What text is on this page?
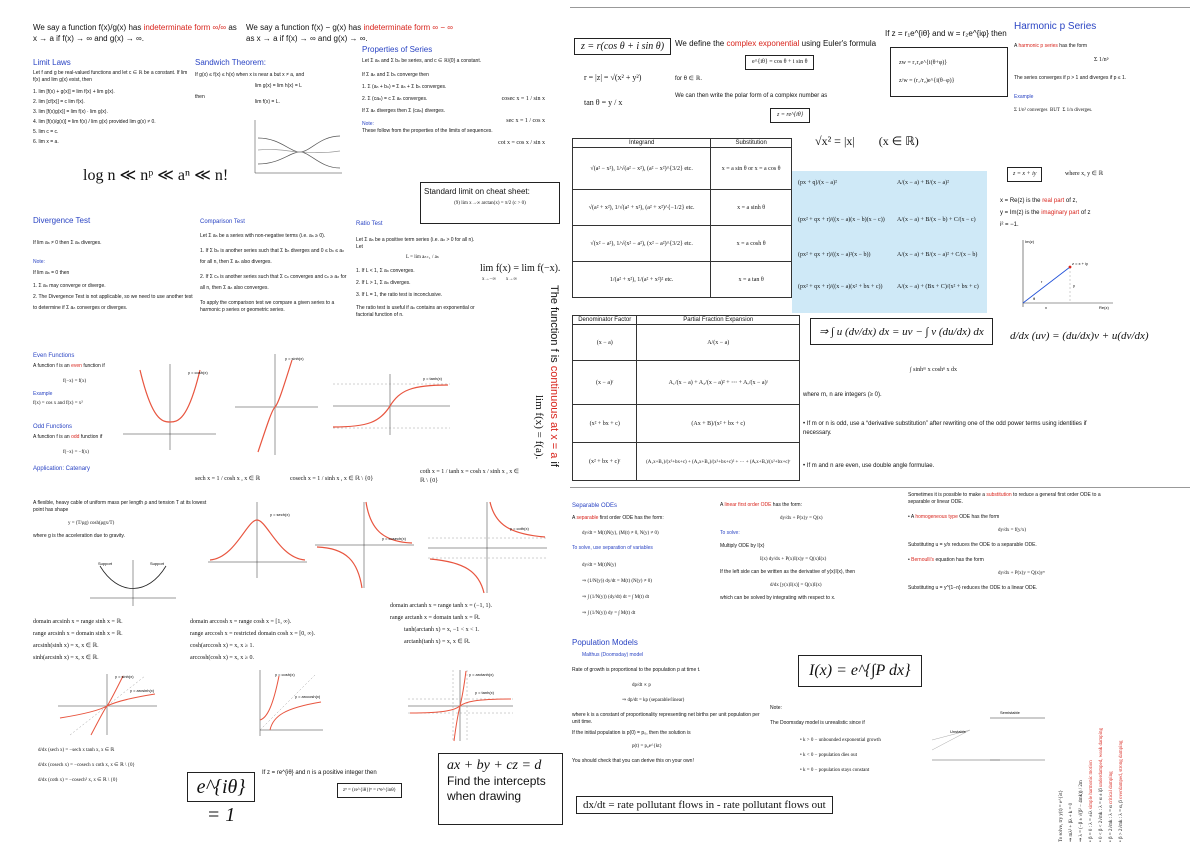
We say a function f(x)/g(x) has indeterminate form ∞/∞ as x → a if f(x) → ∞ and g(x) → ∞.
We say a function f(x) − g(x) has indeterminate form ∞ − ∞ as x → a if f(x) → ∞ and g(x) → ∞.
Limit Laws
Let f and g be real-valued functions and let c ∈ ℝ be a constant. If lim f(x) and lim g(x) exist, then
1. lim [f(x) + g(x)] = lim f(x) + lim g(x).
2. lim [cf(x)] = c lim f(x).
3. lim [f(x)g(x)] = lim f(x) · lim g(x).
4. lim [f(x)/g(x)] = lim f(x) / lim g(x) provided lim g(x) ≠ 0.
5. lim c = c.
6. lim x = a.
log n ≪ nᵖ ≪ aⁿ ≪ n!
Sandwich Theorem:
If g(x) ≤ f(x) ≤ h(x) when x is near a but x ≠ a, and
lim g(x) = lim h(x) = L
then
lim f(x) = L.
Properties of Series
Let Σ aₙ and Σ bₙ be series, and c ∈ ℝ\{0} a constant.
If Σ aₙ and Σ bₙ converge then
1. Σ (aₙ + bₙ) = Σ aₙ + Σ bₙ converges.
2. Σ (caₙ) = c Σ aₙ converges.
If Σ aₙ diverges then Σ (caₙ) diverges.
Note:
These follow from the properties of the limits of sequences.
cosec x = 1 / sin x
sec x = 1 / cos x
cot x = cos x / sin x
Standard limit on cheat sheet:
(9) lim x→∞ arctan(x) = π/2 (c > 0)
Divergence Test
If lim aₙ ≠ 0 then Σ aₙ diverges.
Note:
If lim aₙ = 0 then
1. Σ aₙ may converge or diverge.
2. The Divergence Test is not applicable, so we need to use another test to determine if Σ aₙ converges or diverges.
Comparison Test
Let Σ aₙ be a series with non-negative terms (i.e. aₙ ≥ 0).
1. If Σ bₙ is another series such that Σ bₙ diverges and 0 ≤ bₙ ≤ aₙ for all n, then Σ aₙ also diverges.
2. If Σ cₙ is another series such that Σ cₙ converges and cₙ ≥ aₙ for all n, then Σ aₙ also converges.
To apply the comparison test we compare a given series to a harmonic p series or geometric series.
Ratio Test
Let Σ aₙ be a positive term series (i.e. aₙ > 0 for all n). Let
L = lim aₙ₊₁ / aₙ
1. If L < 1, Σ aₙ converges.
2. If L > 1, Σ aₙ diverges.
3. If L = 1, the ratio test is inconclusive.
The ratio test is useful if aₙ contains an exponential or factorial function of n.
lim f(x) = lim f(−x).
x→−∞        x→∞
The function f is continuous at x = a if
lim f(x) = f(a).
Even Functions
A function f is an even function if
f(−x) = f(x)
Example
f(x) = cos x and f(x) = x²
Odd Functions
A function f is an odd function if
f(−x) = −f(x)
y = cosh(x)
y = sinh(x)
y = tanh(x)
Application: Catenary
A flexible, heavy cable of uniform mass per length ρ and tension T at its lowest point has shape
y = (T/ρg) cosh(ρgx/T)
where g is the acceleration due to gravity.
Support	Support
sech x = 1 / cosh x , x ∈ ℝ	cosech x = 1 / sinh x , x ∈ ℝ \ {0}
coth x = 1 / tanh x = cosh x / sinh x , x ∈ ℝ \ {0}
y = sech(x)
y = cosech(x)
y = coth(x)
domain arcsinh x = range sinh x = ℝ.
range arcsinh x = domain sinh x = ℝ.
arcsinh(sinh x) = x, x ∈ ℝ.
sinh(arcsinh x) = x, x ∈ ℝ.
domain arccosh x = range cosh x = [1, ∞).
range arccosh x = restricted domain cosh x = [0, ∞).
cosh(arccosh x) = x, x ≥ 1.
arccosh(cosh x) = x, x ≥ 0.
domain arctanh x = range tanh x = (−1, 1).
range arctanh x = domain tanh x = ℝ.
tanh(arctanh x) = x, −1 < x < 1.
arctanh(tanh x) = x, x ∈ ℝ.
y = sinh(x)
y = arcsinh(x)
y = cosh(x)
y = arccosh(x)
y = tanh(x)
y = arctanh(x)
d/dx (sech x) = −sech x tanh x, x ∈ ℝ
d/dx (cosech x) = −cosech x coth x, x ∈ ℝ \ {0}
d/dx (coth x) = −cosech² x, x ∈ ℝ \ {0}	e^{iθ} = 1
If z = re^{iθ} and n is a positive integer then
zⁿ = (re^{iθ})ⁿ = rⁿe^{inθ}
ax + by + cz = d
Find the intercepts
when drawing
z = r(cos θ + i sin θ)	We define the complex exponential using Euler's formula
e^{iθ} = cos θ + i sin θ
r = |z| = √(x² + y²)
tan θ = y / x
for θ ∈ ℝ.
We can then write the polar form of a complex number as
z = re^{iθ}
If z = r₁e^{iθ} and w = r₂e^{iφ} then
zw = r₁r₂e^{i(θ+φ)}
z/w = (r₁/r₂)e^{i(θ−φ)}
Harmonic p Series
A harmonic p series has the form
Σ 1/nᵖ
The series converges if p > 1 and diverges if p ≤ 1.
Example
Σ 1/n² converges BUT Σ 1/n diverges.
Integrand	Substitution
√(a² − x²), 1/√(a² − x²), (a² − x²)^{3/2} etc.	x = a sin θ or x = a cos θ
√(a² + x²), 1/√(a² + x²), (a² + x²)^{−1/2} etc.	x = a sinh θ
√(x² − a²), 1/√(x² − a²), (x² − a²)^{3/2} etc.	x = a cosh θ
1/(a² + x²), 1/(a² + x²)² etc.	x = a tan θ
√x² = |x|        (x ∈ ℝ)
(px + q)/(x − a)²	A/(x − a) + B/(x − a)²
(px² + qx + r)/((x − a)(x − b)(x − c))	A/(x − a) + B/(x − b) + C/(x − c)
(px² + qx + r)/((x − a)²(x − b))	A/(x − a) + B/(x − a)² + C/(x − b)
(px² + qx + r)/((x − a)(x² + bx + c))	A/(x − a) + (Bx + C)/(x² + bx + c)
z = x + iy	where x, y ∈ ℝ
x = Re(z) is the real part of z,
y = Im(z) is the imaginary part of z
i² = −1.
Im(z)
Re(z)
z = x + iy
r
θ
y
x
Denominator Factor	Partial Fraction Expansion
(x − a)	A/(x − a)
(x − a)ʳ	A₁/(x − a) + A₂/(x − a)² + ⋯ + Aᵣ/(x − a)ʳ
(x² + bx + c)	(Ax + B)/(x² + bx + c)
(x² + bx + c)ʳ	(A₁x+B₁)/(x²+bx+c) + (A₂x+B₂)/(x²+bx+c)² + ⋯ + (Aᵣx+Bᵣ)/(x²+bx+c)ʳ
⇒ ∫ u (dv/dx) dx = uv − ∫ v (du/dx) dx	d/dx (uv) = (du/dx)v + u(dv/dx)
∫ sinhᵐ x coshⁿ x dx
where m, n are integers (≥ 0).
• If m or n is odd, use a “derivative substitution” after rewriting one of the odd power terms using identities if necessary.
• If m and n are even, use double angle formulae.
Separable ODEs
A separable first order ODE has the form:
dy/dt = M(t)N(y), (M(t) ≠ 0, N(y) ≠ 0)
To solve, use separation of variables
dy/dt = M(t)N(y)
⇒ (1/N(y)) dy/dt = M(t) (N(y) ≠ 0)
⇒ ∫ (1/N(y)) (dy/dt) dt = ∫ M(t) dt
⇒ ∫ (1/N(y)) dy = ∫ M(t) dt
A linear first order ODE has the form:
dy/dx + P(x)y = Q(x)
To solve:
Multiply ODE by I(x)
I(x) dy/dx + P(x)I(x)y = Q(x)I(x)
If the left side can be written as the derivative of y(x)I(x), then
d/dx [y(x)I(x)] = Q(x)I(x)
which can be solved by integrating with respect to x.
Sometimes it is possible to make a substitution to reduce a general first order ODE to a separable or linear ODE.
• A homogeneous type ODE has the form
dy/dx = f(y/x)
Substituting u = y/x reduces the ODE to a separable ODE.
• Bernoulli's equation has the form
dy/dx + P(x)y = Q(x)yⁿ
Substituting u = y^{1−n} reduces the ODE to a linear ODE.
Population Models
Malthus (Doomsday) model
Rate of growth is proportional to the population p at time t.
dp/dt ∝ p
⇒ dp/dt = kp (separable/linear)
where k is a constant of proportionality representing net births per unit population per unit time.
If the initial population is p(0) = p₀, then the solution is
p(t) = p₀e^{kt}
You should check that you can derive this on your own!
I(x) = e^{∫P dx}
Note:
The Doomsday model is unrealistic since if
• k > 0 − unbounded exponential growth
• k < 0 − population dies out
• k = 0 − population stays constant
dx/dt = rate pollutant flows in - rate pollutant flows out
Unstable
Semistable
To solve, try y(t) = e^{λt} ⇒ mλ² + βλ + k = 0 ⇒ λ = (−β ± √(β² − 4mk)) / 2m • β = 0 : λ = ±iλ simple harmonic motion
• 0 < β < 2√mk : λ = α ± iβ underdamped, weak damping
• β = 2√mk : λ = α critical damping
• β > 2√mk : λ = α, β overdamped, strong damping
